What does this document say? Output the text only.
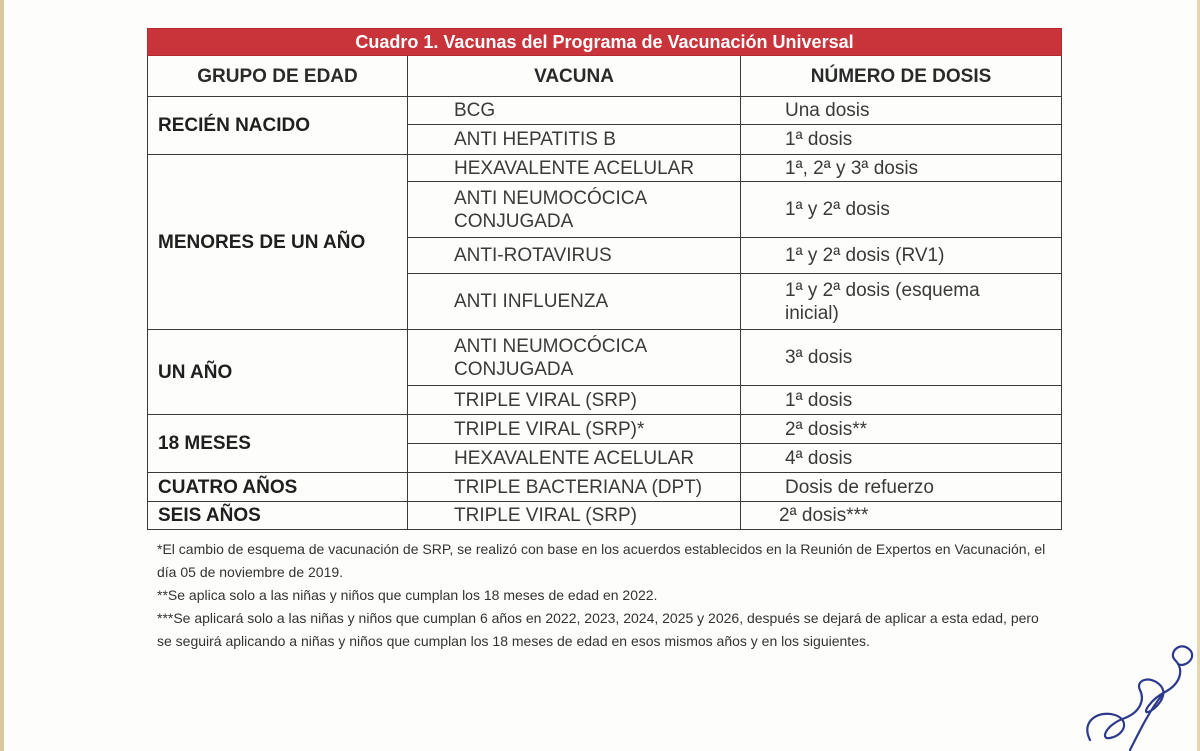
Cuadro 1. Vacunas del Programa de Vacunación Universal		
GRUPO DE EDAD	VACUNA	NÚMERO DE DOSIS
RECIÉN NACIDO	BCG	Una dosis
	ANTI HEPATITIS B	1ª dosis
MENORES DE UN AÑO	HEXAVALENTE ACELULAR	1ª, 2ª y 3ª dosis
	ANTI NEUMOCÓCICA CONJUGADA	1ª y 2ª dosis
	ANTI-ROTAVIRUS	1ª y 2ª dosis (RV1)
	ANTI INFLUENZA	1ª y 2ª dosis (esquema inicial)
UN AÑO	ANTI NEUMOCÓCICA CONJUGADA	3ª dosis
	TRIPLE VIRAL (SRP)	1ª dosis
18 MESES	TRIPLE VIRAL (SRP)*	2ª dosis**
	HEXAVALENTE ACELULAR	4ª dosis
CUATRO AÑOS	TRIPLE BACTERIANA (DPT)	Dosis de refuerzo
SEIS AÑOS	TRIPLE VIRAL (SRP)	2ª dosis***

*El cambio de esquema de vacunación de SRP, se realizó con base en los acuerdos establecidos en la Reunión de Expertos en Vacunación, el día 05 de noviembre de 2019.

**Se aplica solo a las niñas y niños que cumplan los 18 meses de edad en 2022.

***Se aplicará solo a las niñas y niños que cumplan 6 años en 2022, 2023, 2024, 2025 y 2026, después se dejará de aplicar a esta edad, pero se seguirá aplicando a niñas y niños que cumplan los 18 meses de edad en esos mismos años y en los siguientes.
